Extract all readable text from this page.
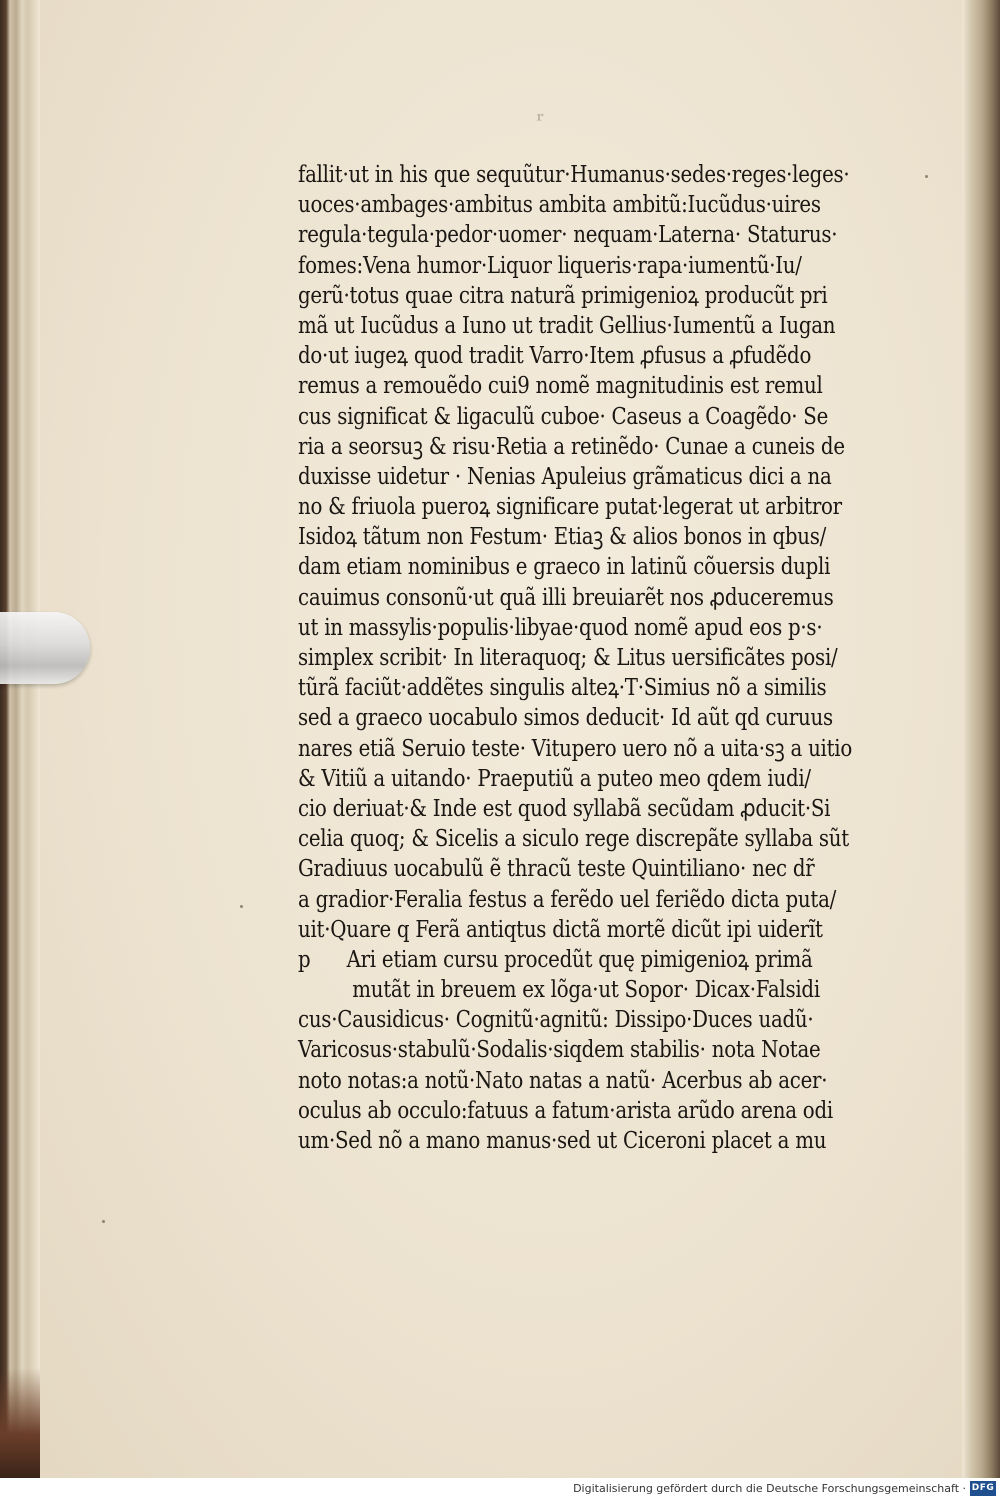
᷊᷊᷊
fallit·ut in his que sequũtur·Humanus·sedes·reges·leges·
uoces·ambages·ambitus ambita ambitũ:Iucũdus·uires
regula·tegula·pedor·uomer· nequam·Laterna· Staturus·
fomes:Vena humor·Liquor liqueris·rapa·iumentũ·Iu/
gerũ·totus quae citra naturã primigenioꝝ producũt pri
mã ut Iucũdus a Iuno ut tradit Gellius·Iumentũ a Iugan
do·ut iugeꝝ quod tradit Varro·Item ꝓfusus a ꝓfudẽdo
remus a remouẽdo cui9 nomẽ magnitudinis est remul
cus significat & ligaculũ cuboe· Caseus a Coagẽdo· Se
ria a seorsuꝫ & risu·Retia a retinẽdo· Cunae a cuneis de
duxisse uidetur · Nenias Apuleius grãmaticus dici a na
no & friuola pueroꝝ significare putat·legerat ut arbitror
Isidoꝝ tãtum non Festum· Etiaꝫ & alios bonos in qbus/
dam etiam nominibus e graeco in latinũ cõuersis dupli
cauimus consonũ·ut quã illi breuiarẽt nos ꝓduceremus
ut in massylis·populis·libyae·quod nomẽ apud eos p·s·
simplex scribit· In literaquoq; & Litus uersificãtes posi/
tũrã faciũt·addẽtes singulis alteꝝ·T·Simius nõ a similis
sed a graeco uocabulo simos deducit· Id aũt qd curuus
nares etiã Seruio teste· Vitupero uero nõ a uita·sꝫ a uitio
& Vitiũ a uitando· Praeputiũ a puteo meo qdem iudi/
cio deriuat·& Inde est quod syllabã secũdam ꝓducit·Si
celia quoq; & Sicelis a siculo rege discrepãte syllaba sũt
Gradiuus uocabulũ ẽ thracũ teste Quintiliano· nec dr̃
a gradior·Feralia festus a ferẽdo uel feriẽdo dicta puta/
uit·Quare q Ferã antiqtus dictã mortẽ dicũt ipi uiderĩt
p      Ari etiam cursu procedũt quę pimigenioꝝ primã
mutãt in breuem ex lõga·ut Sopor· Dicax·Falsidi
cus·Causidicus· Cognitũ·agnitũ: Dissipo·Duces uadũ·
Varicosus·stabulũ·Sodalis·siqdem stabilis· nota Notae
noto notas:a notũ·Nato natas a natũ· Acerbus ab acer·
oculus ab occulo:fatuus a fatum·arista arũdo arena odi
um·Sed nõ a mano manus·sed ut Ciceroni placet a mu
Digitalisierung gefördert durch die Deutsche Forschungsgemeinschaft · DFG
